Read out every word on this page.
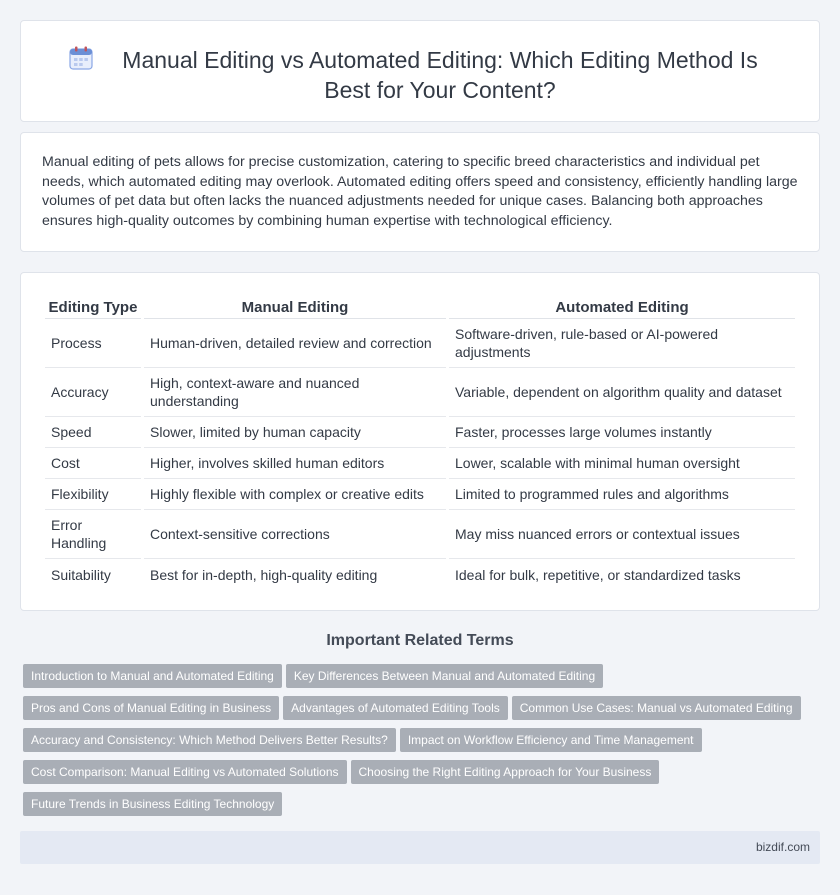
Manual Editing vs Automated Editing: Which Editing Method Is Best for Your Content?

Manual editing of pets allows for precise customization, catering to specific breed characteristics and individual pet needs, which automated editing may overlook. Automated editing offers speed and consistency, efficiently handling large volumes of pet data but often lacks the nuanced adjustments needed for unique cases. Balancing both approaches ensures high-quality outcomes by combining human expertise with technological efficiency.

Editing Type	Manual Editing	Automated Editing
Process	Human-driven, detailed review and correction	Software-driven, rule-based or AI-powered adjustments
Accuracy	High, context-aware and nuanced understanding	Variable, dependent on algorithm quality and dataset
Speed	Slower, limited by human capacity	Faster, processes large volumes instantly
Cost	Higher, involves skilled human editors	Lower, scalable with minimal human oversight
Flexibility	Highly flexible with complex or creative edits	Limited to programmed rules and algorithms
Error Handling	Context-sensitive corrections	May miss nuanced errors or contextual issues
Suitability	Best for in-depth, high-quality editing	Ideal for bulk, repetitive, or standardized tasks
Important Related Terms
Introduction to Manual and Automated Editing Key Differences Between Manual and Automated Editing
Pros and Cons of Manual Editing in Business Advantages of Automated Editing Tools Common Use Cases: Manual vs Automated Editing
Accuracy and Consistency: Which Method Delivers Better Results? Impact on Workflow Efficiency and Time Management
Cost Comparison: Manual Editing vs Automated Solutions Choosing the Right Editing Approach for Your Business
Future Trends in Business Editing Technology
bizdif.com
